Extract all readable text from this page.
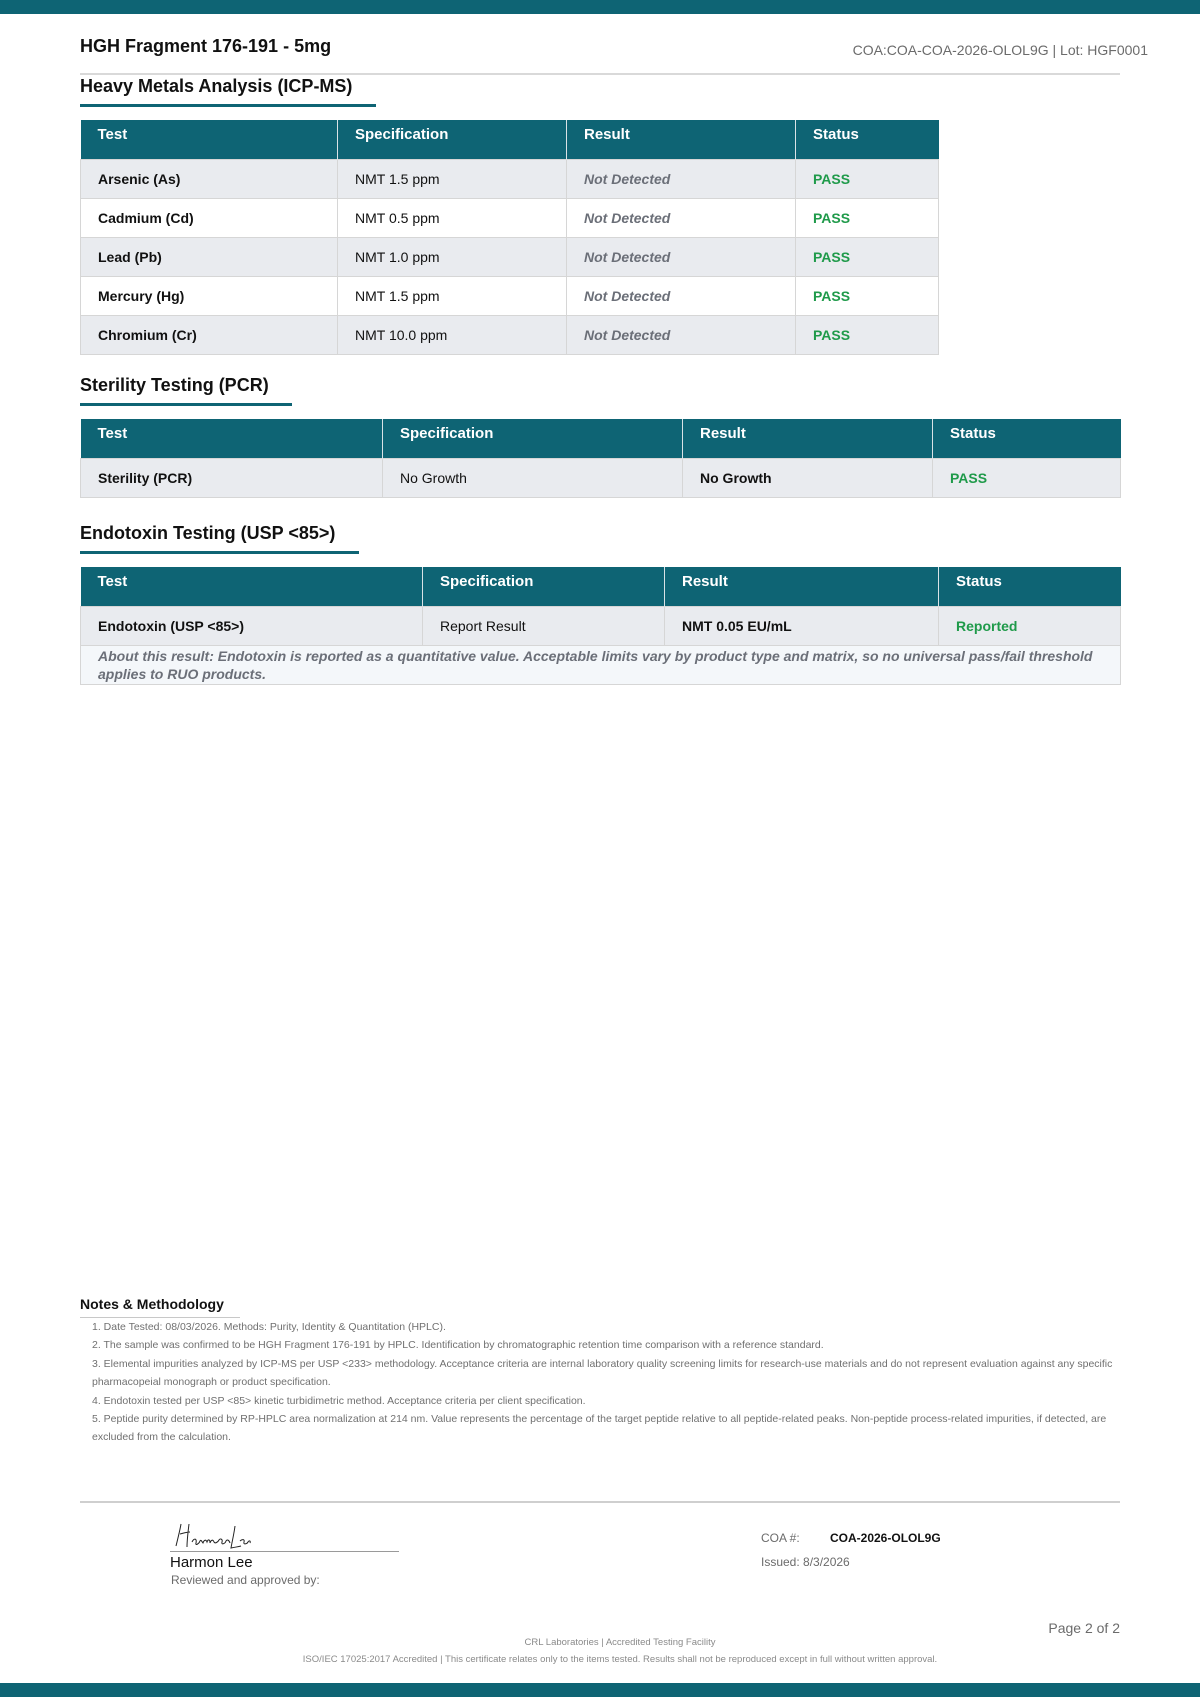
HGH Fragment 176-191 - 5mg	COA:COA-COA-2026-OLOL9G | Lot: HGF0001
Heavy Metals Analysis (ICP-MS)
Test	Specification	Result	Status
Arsenic (As)	NMT 1.5 ppm	Not Detected	PASS
Cadmium (Cd)	NMT 0.5 ppm	Not Detected	PASS
Lead (Pb)	NMT 1.0 ppm	Not Detected	PASS
Mercury (Hg)	NMT 1.5 ppm	Not Detected	PASS
Chromium (Cr)	NMT 10.0 ppm	Not Detected	PASS
Sterility Testing (PCR)
Test	Specification	Result	Status
Sterility (PCR)	No Growth	No Growth	PASS
Endotoxin Testing (USP <85>)
Test	Specification	Result	Status
Endotoxin (USP <85>)	Report Result	NMT 0.05 EU/mL	Reported
About this result: Endotoxin is reported as a quantitative value. Acceptable limits vary by product type and matrix, so no universal pass/fail threshold applies to RUO products.			
Notes & Methodology
1. Date Tested: 08/03/2026. Methods: Purity, Identity & Quantitation (HPLC).
2. The sample was confirmed to be HGH Fragment 176-191 by HPLC. Identification by chromatographic retention time comparison with a reference standard.
3. Elemental impurities analyzed by ICP-MS per USP <233> methodology. Acceptance criteria are internal laboratory quality screening limits for research-use materials and do not represent evaluation against any specific pharmacopeial monograph or product specification.
4. Endotoxin tested per USP <85> kinetic turbidimetric method. Acceptance criteria per client specification.
5. Peptide purity determined by RP-HPLC area normalization at 214 nm. Value represents the percentage of the target peptide relative to all peptide-related peaks. Non-peptide process-related impurities, if detected, are excluded from the calculation.
Harmon Lee
Reviewed and approved by:
COA #:	COA-2026-OLOL9G
Issued: 8/3/2026
Page 2 of 2
CRL Laboratories | Accredited Testing Facility
ISO/IEC 17025:2017 Accredited | This certificate relates only to the items tested. Results shall not be reproduced except in full without written approval.
